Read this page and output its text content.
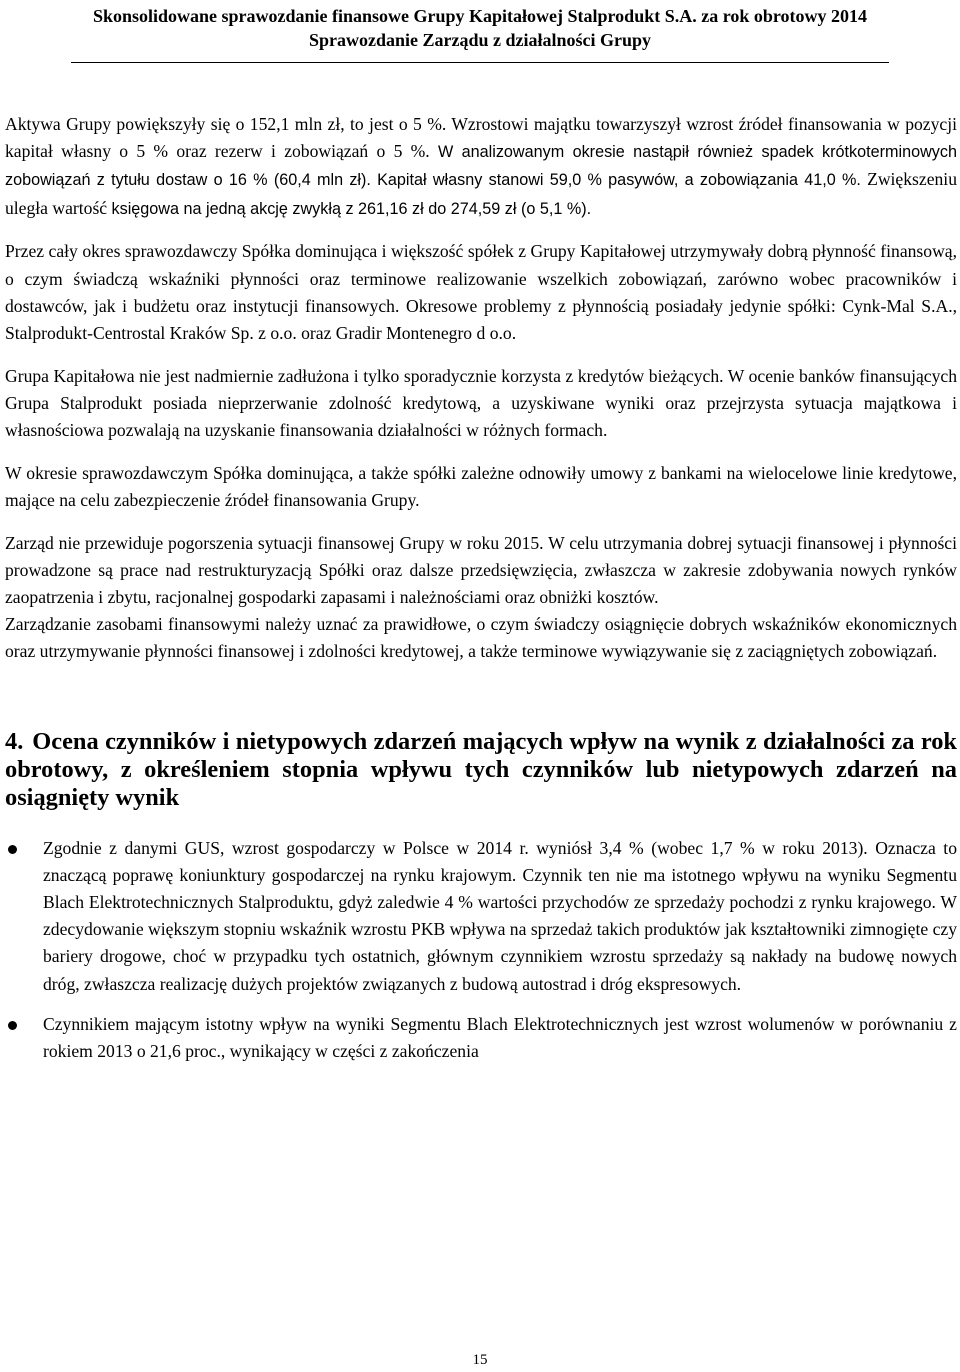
Skonsolidowane sprawozdanie finansowe Grupy Kapitałowej Stalprodukt S.A. za rok obrotowy 2014
Sprawozdanie Zarządu z działalności Grupy

Aktywa Grupy powiększyły się o 152,1 mln zł, to jest o 5 %. Wzrostowi majątku towarzyszył wzrost źródeł finansowania w pozycji kapitał własny o 5 % oraz rezerw i zobowiązań o 5 %. W analizowanym okresie nastąpił również spadek krótkoterminowych zobowiązań z tytułu dostaw o 16 % (60,4 mln zł). Kapitał własny stanowi 59,0 % pasywów, a zobowiązania 41,0 %. Zwiększeniu uległa wartość księgowa na jedną akcję zwykłą z 261,16 zł do 274,59 zł (o 5,1 %).

Przez cały okres sprawozdawczy Spółka dominująca i większość spółek z Grupy Kapitałowej utrzymywały dobrą płynność finansową, o czym świadczą wskaźniki płynności oraz terminowe realizowanie wszelkich zobowiązań, zarówno wobec pracowników i dostawców, jak i budżetu oraz instytucji finansowych. Okresowe problemy z płynnością posiadały jedynie spółki: Cynk-Mal S.A., Stalprodukt-Centrostal Kraków Sp. z o.o. oraz Gradir Montenegro d o.o.

Grupa Kapitałowa nie jest nadmiernie zadłużona i tylko sporadycznie korzysta z kredytów bieżących. W ocenie banków finansujących Grupa Stalprodukt posiada nieprzerwanie zdolność kredytową, a uzyskiwane wyniki oraz przejrzysta sytuacja majątkowa i własnościowa pozwalają na uzyskanie finansowania działalności w różnych formach.

W okresie sprawozdawczym Spółka dominująca, a także spółki zależne odnowiły umowy z bankami na wielocelowe linie kredytowe, mające na celu zabezpieczenie źródeł finansowania Grupy.

Zarząd nie przewiduje pogorszenia sytuacji finansowej Grupy w roku 2015. W celu utrzymania dobrej sytuacji finansowej i płynności prowadzone są prace nad restrukturyzacją Spółki oraz dalsze przedsięwzięcia, zwłaszcza w zakresie zdobywania nowych rynków zaopatrzenia i zbytu, racjonalnej gospodarki zapasami i należnościami oraz obniżki kosztów.

Zarządzanie zasobami finansowymi należy uznać za prawidłowe, o czym świadczy osiągnięcie dobrych wskaźników ekonomicznych oraz utrzymywanie płynności finansowej i zdolności kredytowej, a także terminowe wywiązywanie się z zaciągniętych zobowiązań.

4. Ocena czynników i nietypowych zdarzeń mających wpływ na wynik z działalności za rok obrotowy, z określeniem stopnia wpływu tych czynników lub nietypowych zdarzeń na osiągnięty wynik
Zgodnie z danymi GUS, wzrost gospodarczy w Polsce w 2014 r. wyniósł 3,4 % (wobec 1,7 % w roku 2013). Oznacza to znaczącą poprawę koniunktury gospodarczej na rynku krajowym. Czynnik ten nie ma istotnego wpływu na wyniku Segmentu Blach Elektrotechnicznych Stalproduktu, gdyż zaledwie 4 % wartości przychodów ze sprzedaży pochodzi z rynku krajowego. W zdecydowanie większym stopniu wskaźnik wzrostu PKB wpływa na sprzedaż takich produktów jak kształtowniki zimnogięte czy bariery drogowe, choć w przypadku tych ostatnich, głównym czynnikiem wzrostu sprzedaży są nakłady na budowę nowych dróg, zwłaszcza realizację dużych projektów związanych z budową autostrad i dróg ekspresowych.
Czynnikiem mającym istotny wpływ na wyniki Segmentu Blach Elektrotechnicznych jest wzrost wolumenów w porównaniu z rokiem 2013 o 21,6 proc., wynikający w części z zakończenia
15
